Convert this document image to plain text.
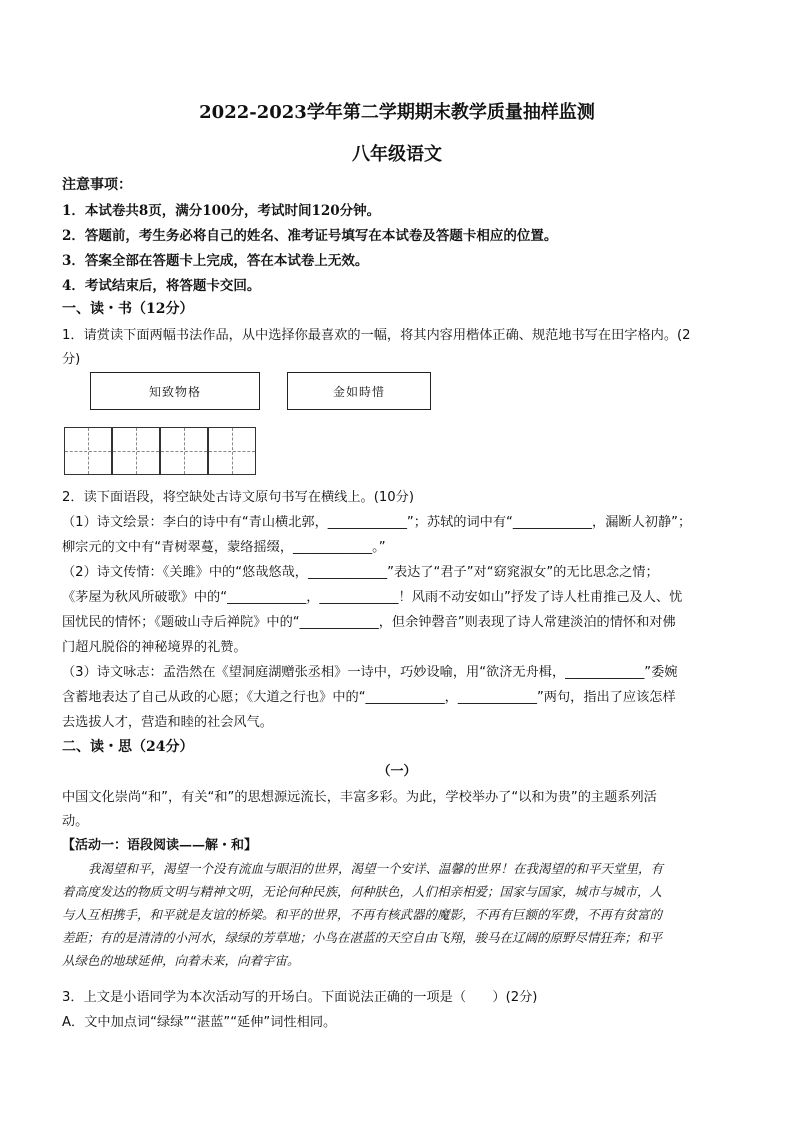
2022-2023学年第二学期期末教学质量抽样监测
八年级语文
注意事项：
1．本试卷共8页，满分100分，考试时间120分钟。
2．答题前，考生务必将自己的姓名、准考证号填写在本试卷及答题卡相应的位置。
3．答案全部在答题卡上完成，答在本试卷上无效。
4．考试结束后，将答题卡交回。
一、读・书（12分）
1．请赏读下面两幅书法作品，从中选择你最喜欢的一幅，将其内容用楷体正确、规范地书写在田字格内。(2
分)
知致物格	金如時惜
2．读下面语段，将空缺处古诗文原句书写在横线上。(10分)
（1）诗文绘景：李白的诗中有“青山横北郭，____________”；苏轼的词中有“____________，漏断人初静”；
柳宗元的文中有“青树翠蔓，蒙络摇缀，____________。”
（2）诗文传情：《关雎》中的“悠哉悠哉，____________”表达了“君子”对“窈窕淑女”的无比思念之情；
《茅屋为秋风所破歌》中的“____________，____________！风雨不动安如山”抒发了诗人杜甫推己及人、忧
国忧民的情怀；《题破山寺后禅院》中的“____________，但余钟磬音”则表现了诗人常建淡泊的情怀和对佛
门超凡脱俗的神秘境界的礼赞。
（3）诗文咏志：孟浩然在《望洞庭湖赠张丞相》一诗中，巧妙设喻，用“欲济无舟楫，____________”委婉
含蓄地表达了自己从政的心愿；《大道之行也》中的“____________，____________”两句，指出了应该怎样
去选拔人才，营造和睦的社会风气。
二、读・思（24分）
（一）
中国文化崇尚“和”，有关“和”的思想源远流长，丰富多彩。为此，学校举办了“以和为贵”的主题系列活
动。
【活动一：语段阅读——解・和】
我渴望和平，渴望一个没有流血与眼泪的世界，渴望一个安详、温馨的世界！在我渴望的和平天堂里，有
着高度发达的物质文明与精神文明，无论何种民族，何种肤色，人们相亲相爱；国家与国家，城市与城市，人
与人互相携手，和平就是友谊的桥梁。和平的世界，不再有核武器的魔影，不再有巨额的军费，不再有贫富的
差距；有的是清清的小河水，绿绿的芳草地；小鸟在湛蓝的天空自由飞翔，骏马在辽阔的原野尽情狂奔；和平
从绿色的地球延伸，向着未来，向着宇宙。
3．上文是小语同学为本次活动写的开场白。下面说法正确的一项是（　　）(2分)
A．文中加点词“绿绿”“湛蓝”“延伸”词性相同。
